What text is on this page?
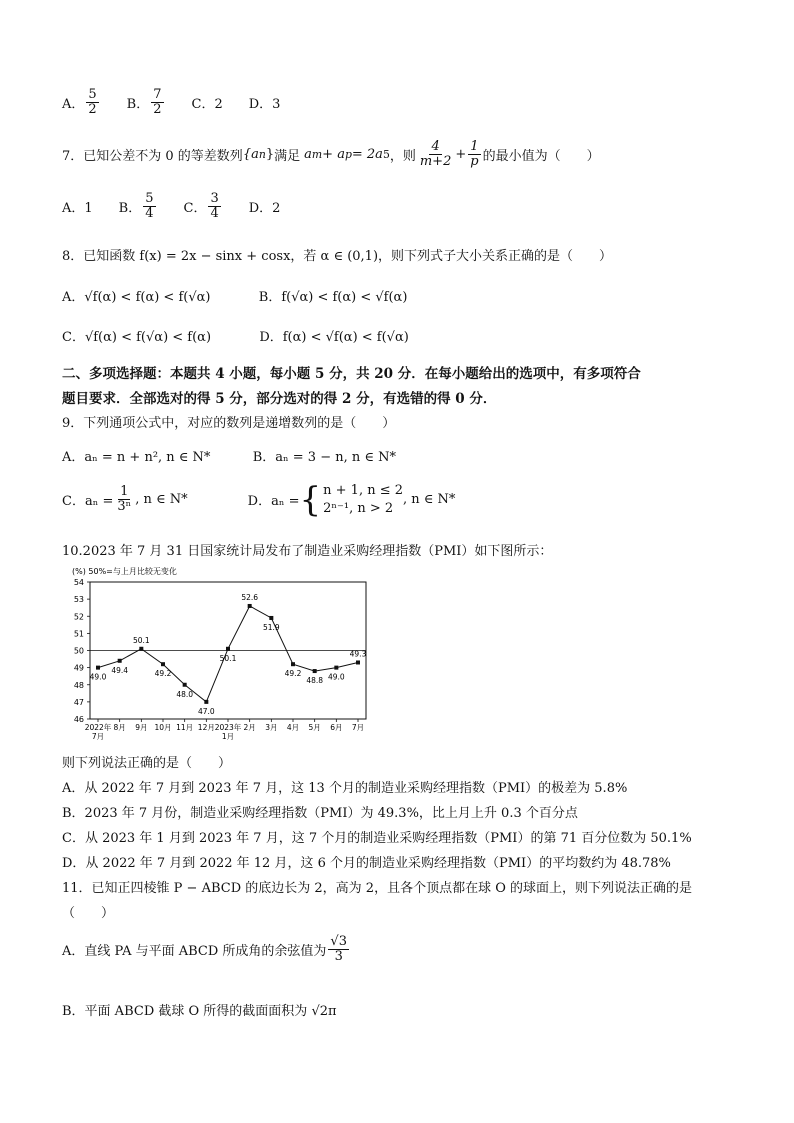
A． $\frac{5}{2}$ B． $\frac{7}{2}$ C．2 D．3
7．已知公差不为 0 的等差数列 {a n } 满足 a m + a p = 2a 5 ，则 $\frac{4}{m+2} + \frac{1}{p}$ 的最小值为（　　）
A．1 B． $\frac{5}{4}$ C． $\frac{3}{4}$ D．2
8．已知函数 f(x) = 2x − sinx + cosx，若 α ∈ (0,1)，则下列式子大小关系正确的是（　　）
A．√f(α) < f(α) < f(√α)	B．f(√α) < f(α) < √f(α)
C．√f(α) < f(√α) < f(α)	D．f(α) < √f(α) < f(√α)
二、多项选择题：本题共 4 小题，每小题 5 分，共 20 分．在每小题给出的选项中，有多项符合
题目要求．全部选对的得 5 分，部分选对的得 2 分，有选错的得 0 分．
9．下列通项公式中，对应的数列是递增数列的是（　　）
A．aₙ = n + n², n ∈ N*	B．aₙ = 3 − n, n ∈ N*
C．$a_n = \frac{1}{\text{3ⁿ}}$ , n ∈ N*	D．aₙ = { n + 1, n ≤ 2
2ⁿ⁻¹, n > 2
, n ∈ N*
10.2023 年 7 月 31 日国家统计局发布了制造业采购经理指数（PMI）如下图所示：
(%) 50%=与上月比较无变化
46
47
48
49
50
51
52
53
54
49.0
49.4
50.1
49.2
48.0
47.0
50.1
52.6
51.9
49.2
48.8 49.0
49.3
2022年
7月
8月 9月 10月 11月 12月 2023年
1月
2月 3月 4月 5月 6月 7月
则下列说法正确的是（　　）
A．从 2022 年 7 月到 2023 年 7 月，这 13 个月的制造业采购经理指数（PMI）的极差为 5.8%
B．2023 年 7 月份，制造业采购经理指数（PMI）为 49.3%，比上月上升 0.3 个百分点
C．从 2023 年 1 月到 2023 年 7 月，这 7 个月的制造业采购经理指数（PMI）的第 71 百分位数为 50.1%
D．从 2022 年 7 月到 2022 年 12 月，这 6 个月的制造业采购经理指数（PMI）的平均数约为 48.78%
11．已知正四棱锥 P − ABCD 的底边长为 2，高为 2，且各个顶点都在球 O 的球面上，则下列说法正确的是
（　　）
A．直线 PA 与平面 ABCD 所成角的余弦值为 $\frac{√3}{3}$
B．平面 ABCD 截球 O 所得的截面面积为 √2π
